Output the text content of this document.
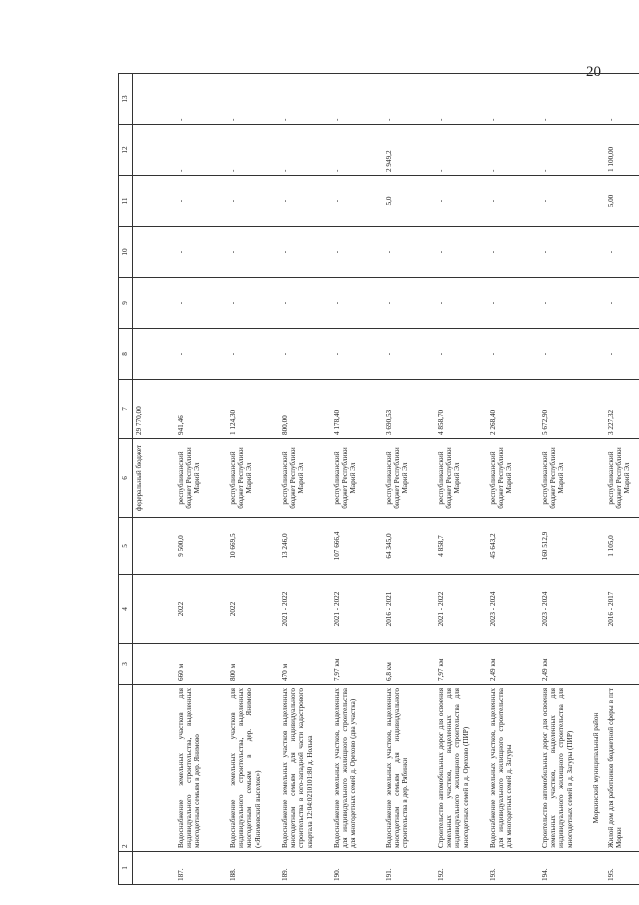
20
1	2	3	4	5	6	7	8	9	10	11	12	13
					федеральный бюджет	29 770,00						
187.	Водоснабжение земельных участков для индивидуального строительства, выделенных многодетным семьям в дер. Янимово	660 м	2022	9 500,0	республиканский бюджет Республики Марий Эл	941,46	-	-	-	-	-	-
188.	Водоснабжение земельных участков для индивидуального строительства, выделенных многодетным семьям в дер. Янимово («Янимовский выселок»)	800 м	2022	10 669,5	республиканский бюджет Республики Марий Эл	1 124,30	-	-	-	-	-	-
189.	Водоснабжение земельных участков выделенных многодетным семьям для индивидуального строительства в юго-западной части кадастрового квартала 12:04:0210101:80 д. Нолька	470 м	2021 - 2022	13 246,0	республиканский бюджет Республики Марий Эл	800,00	-	-	-	-	-	-
190.	Водоснабжение земельных участков, выделенных для индивидуального жилищного строительства для многодетных семей д. Орехово (два участка)	7,97 км	2021 - 2022	107 666,4	республиканский бюджет Республики Марий Эл	4 178,40	-	-	-	-	-	-
191.	Водоснабжение земельных участков, выделенных многодетным семьям для индивидуального строительства в дер. Рябинки	6,8 км	2016 - 2021	64 345,0	республиканский бюджет Республики Марий Эл	3 690,53	-	-	-	5,0	2 949,2	-
192.	Строительство автомобильных дорог для освоения земельных участков, выделенных для индивидуального жилищного строительства для многодетных семей в д. Орехово (ПИР)	7,97 км	2021 - 2022	4 858,7	республиканский бюджет Республики Марий Эл	4 858,70	-	-	-	-	-	-
193.	Водоснабжение земельных участков, выделенных для индивидуального жилищного строительства для многодетных семей д. Загуры	2,49 км	2023 - 2024	45 643,2	республиканский бюджет Республики Марий Эл	2 268,40	-	-	-	-	-	-
194.	Строительство автомобильных дорог для освоения земельных участков, выделенных для индивидуального жилищного строительства для многодетных семей в д. Загуры (ПИР)	2,49 км	2023 - 2024	160 512,9	республиканский бюджет Республики Марий Эл	5 672,90	-	-	-	-	-	-
	Моркинский муниципальный район											
195.	Жилой дом для работников бюджетной сферы в пгт Морки		2016 - 2017	1 105,0	республиканский бюджет Республики Марий Эл	3 227,32	-	-	-	5,00	1 100,00	-
